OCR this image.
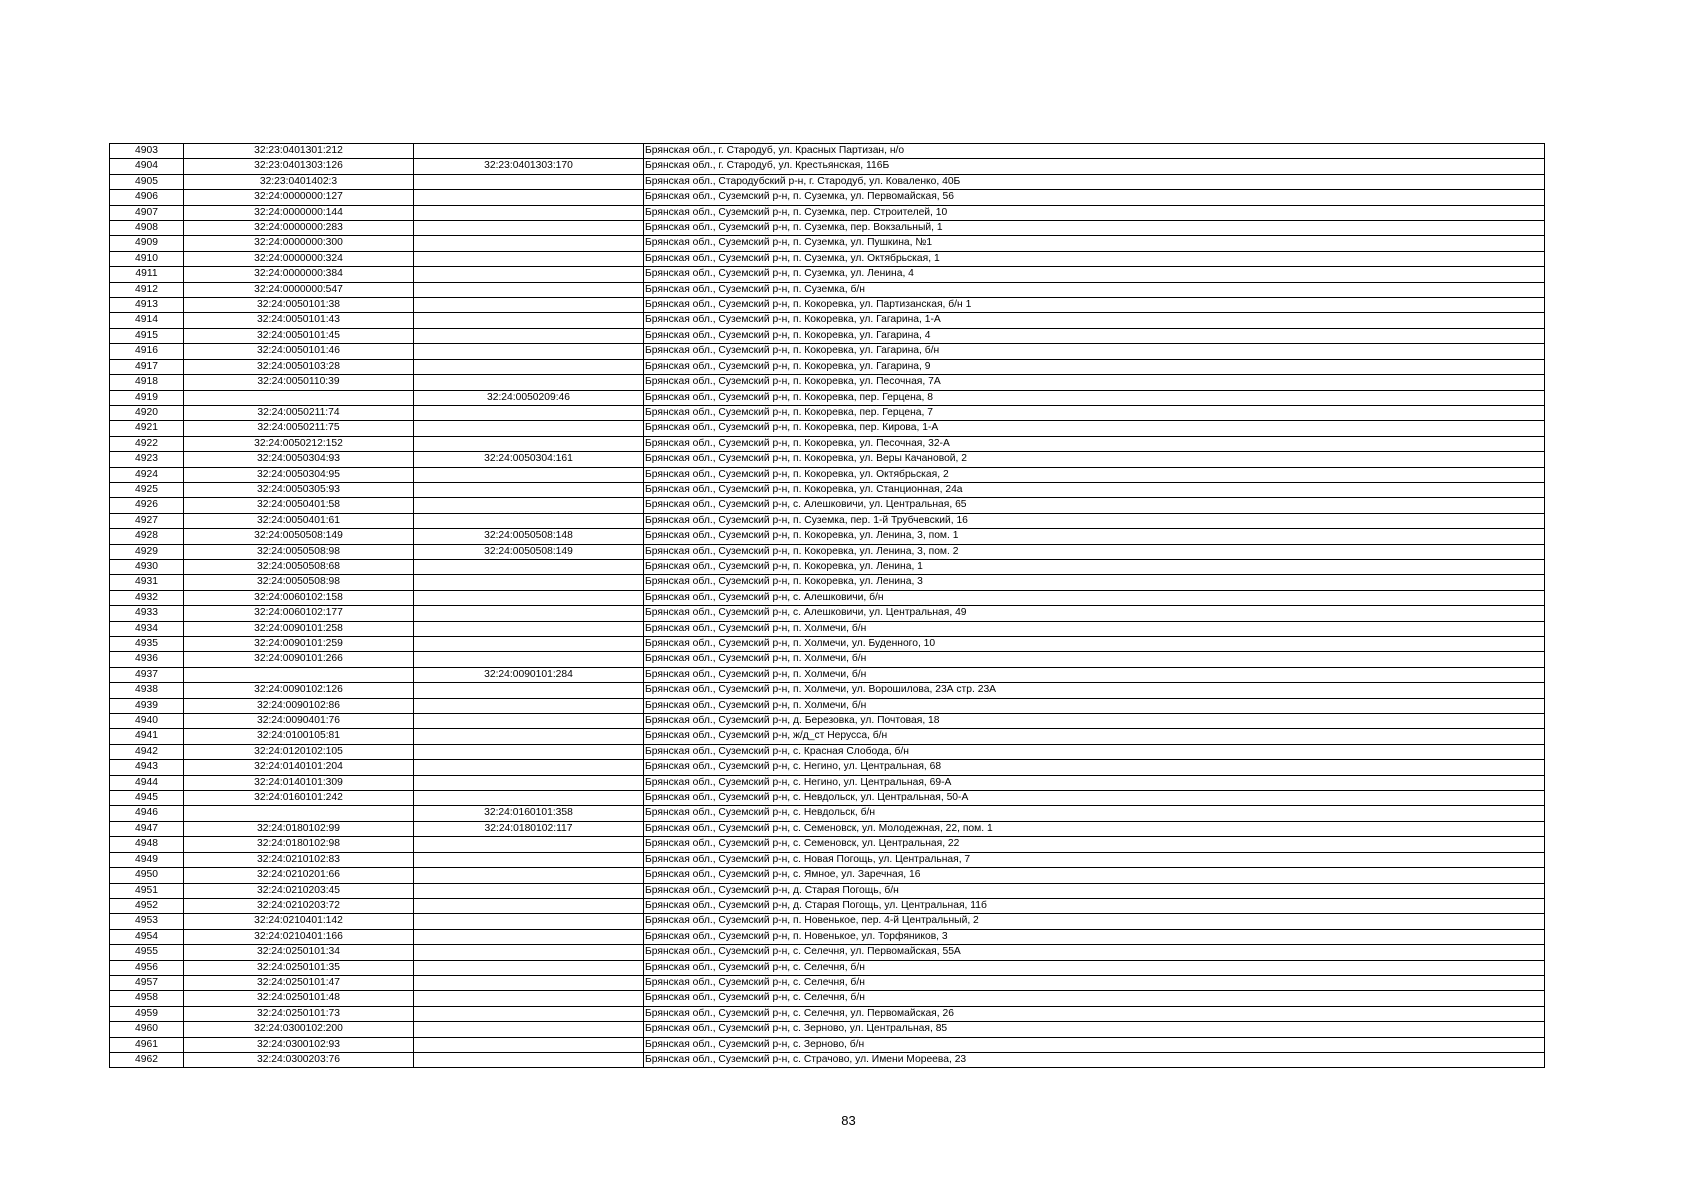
4903	32:23:0401301:212		Брянская обл., г. Стародуб, ул. Красных Партизан, н/о
4904	32:23:0401303:126	32:23:0401303:170	Брянская обл., г. Стародуб, ул. Крестьянская, 116Б
4905	32:23:0401402:3		Брянская обл., Стародубский р-н, г. Стародуб, ул. Коваленко, 40Б
4906	32:24:0000000:127		Брянская обл., Суземский р-н, п. Суземка, ул. Первомайская, 56
4907	32:24:0000000:144		Брянская обл., Суземский р-н, п. Суземка, пер. Строителей, 10
4908	32:24:0000000:283		Брянская обл., Суземский р-н, п. Суземка, пер. Вокзальный, 1
4909	32:24:0000000:300		Брянская обл., Суземский р-н, п. Суземка, ул. Пушкина, №1
4910	32:24:0000000:324		Брянская обл., Суземский р-н, п. Суземка, ул. Октябрьская, 1
4911	32:24:0000000:384		Брянская обл., Суземский р-н, п. Суземка, ул. Ленина, 4
4912	32:24:0000000:547		Брянская обл., Суземский р-н, п. Суземка, б/н
4913	32:24:0050101:38		Брянская обл., Суземский р-н, п. Кокоревка, ул. Партизанская, б/н 1
4914	32:24:0050101:43		Брянская обл., Суземский р-н, п. Кокоревка, ул. Гагарина, 1-А
4915	32:24:0050101:45		Брянская обл., Суземский р-н, п. Кокоревка, ул. Гагарина, 4
4916	32:24:0050101:46		Брянская обл., Суземский р-н, п. Кокоревка, ул. Гагарина, б/н
4917	32:24:0050103:28		Брянская обл., Суземский р-н, п. Кокоревка, ул. Гагарина, 9
4918	32:24:0050110:39		Брянская обл., Суземский р-н, п. Кокоревка, ул. Песочная, 7А
4919		32:24:0050209:46	Брянская обл., Суземский р-н, п. Кокоревка, пер. Герцена, 8
4920	32:24:0050211:74		Брянская обл., Суземский р-н, п. Кокоревка, пер. Герцена, 7
4921	32:24:0050211:75		Брянская обл., Суземский р-н, п. Кокоревка, пер. Кирова, 1-А
4922	32:24:0050212:152		Брянская обл., Суземский р-н, п. Кокоревка, ул. Песочная, 32-А
4923	32:24:0050304:93	32:24:0050304:161	Брянская обл., Суземский р-н, п. Кокоревка, ул. Веры Качановой, 2
4924	32:24:0050304:95		Брянская обл., Суземский р-н, п. Кокоревка, ул. Октябрьская, 2
4925	32:24:0050305:93		Брянская обл., Суземский р-н, п. Кокоревка, ул. Станционная, 24а
4926	32:24:0050401:58		Брянская обл., Суземский р-н, с. Алешковичи, ул. Центральная, 65
4927	32:24:0050401:61		Брянская обл., Суземский р-н, п. Суземка, пер. 1-й Трубчевский, 16
4928	32:24:0050508:149	32:24:0050508:148	Брянская обл., Суземский р-н, п. Кокоревка, ул. Ленина, 3, пом. 1
4929	32:24:0050508:98	32:24:0050508:149	Брянская обл., Суземский р-н, п. Кокоревка, ул. Ленина, 3, пом. 2
4930	32:24:0050508:68		Брянская обл., Суземский р-н, п. Кокоревка, ул. Ленина, 1
4931	32:24:0050508:98		Брянская обл., Суземский р-н, п. Кокоревка, ул. Ленина, 3
4932	32:24:0060102:158		Брянская обл., Суземский р-н, с. Алешковичи, б/н
4933	32:24:0060102:177		Брянская обл., Суземский р-н, с. Алешковичи, ул. Центральная, 49
4934	32:24:0090101:258		Брянская обл., Суземский р-н, п. Холмечи, б/н
4935	32:24:0090101:259		Брянская обл., Суземский р-н, п. Холмечи, ул. Буденного, 10
4936	32:24:0090101:266		Брянская обл., Суземский р-н, п. Холмечи, б/н
4937		32:24:0090101:284	Брянская обл., Суземский р-н, п. Холмечи, б/н
4938	32:24:0090102:126		Брянская обл., Суземский р-н, п. Холмечи, ул. Ворошилова, 23А стр. 23А
4939	32:24:0090102:86		Брянская обл., Суземский р-н, п. Холмечи, б/н
4940	32:24:0090401:76		Брянская обл., Суземский р-н, д. Березовка, ул. Почтовая, 18
4941	32:24:0100105:81		Брянская обл., Суземский р-н, ж/д_ст Нерусса, б/н
4942	32:24:0120102:105		Брянская обл., Суземский р-н, с. Красная Слобода, б/н
4943	32:24:0140101:204		Брянская обл., Суземский р-н, с. Негино, ул. Центральная, 68
4944	32:24:0140101:309		Брянская обл., Суземский р-н, с. Негино, ул. Центральная, 69-А
4945	32:24:0160101:242		Брянская обл., Суземский р-н, с. Невдольск, ул. Центральная, 50-А
4946		32:24:0160101:358	Брянская обл., Суземский р-н, с. Невдольск, б/н
4947	32:24:0180102:99	32:24:0180102:117	Брянская обл., Суземский р-н, с. Семеновск, ул. Молодежная, 22, пом. 1
4948	32:24:0180102:98		Брянская обл., Суземский р-н, с. Семеновск, ул. Центральная, 22
4949	32:24:0210102:83		Брянская обл., Суземский р-н, с. Новая Погощь, ул. Центральная, 7
4950	32:24:0210201:66		Брянская обл., Суземский р-н, с. Ямное, ул. Заречная, 16
4951	32:24:0210203:45		Брянская обл., Суземский р-н, д. Старая Погощь, б/н
4952	32:24:0210203:72		Брянская обл., Суземский р-н, д. Старая Погощь, ул. Центральная, 11б
4953	32:24:0210401:142		Брянская обл., Суземский р-н, п. Новенькое, пер. 4-й Центральный, 2
4954	32:24:0210401:166		Брянская обл., Суземский р-н, п. Новенькое, ул. Торфяников, 3
4955	32:24:0250101:34		Брянская обл., Суземский р-н, с. Селечня, ул. Первомайская, 55А
4956	32:24:0250101:35		Брянская обл., Суземский р-н, с. Селечня, б/н
4957	32:24:0250101:47		Брянская обл., Суземский р-н, с. Селечня, б/н
4958	32:24:0250101:48		Брянская обл., Суземский р-н, с. Селечня, б/н
4959	32:24:0250101:73		Брянская обл., Суземский р-н, с. Селечня, ул. Первомайская, 26
4960	32:24:0300102:200		Брянская обл., Суземский р-н, с. Зерново, ул. Центральная, 85
4961	32:24:0300102:93		Брянская обл., Суземский р-н, с. Зерново, б/н
4962	32:24:0300203:76		Брянская обл., Суземский р-н, с. Страчово, ул. Имени Мореева, 23
83
